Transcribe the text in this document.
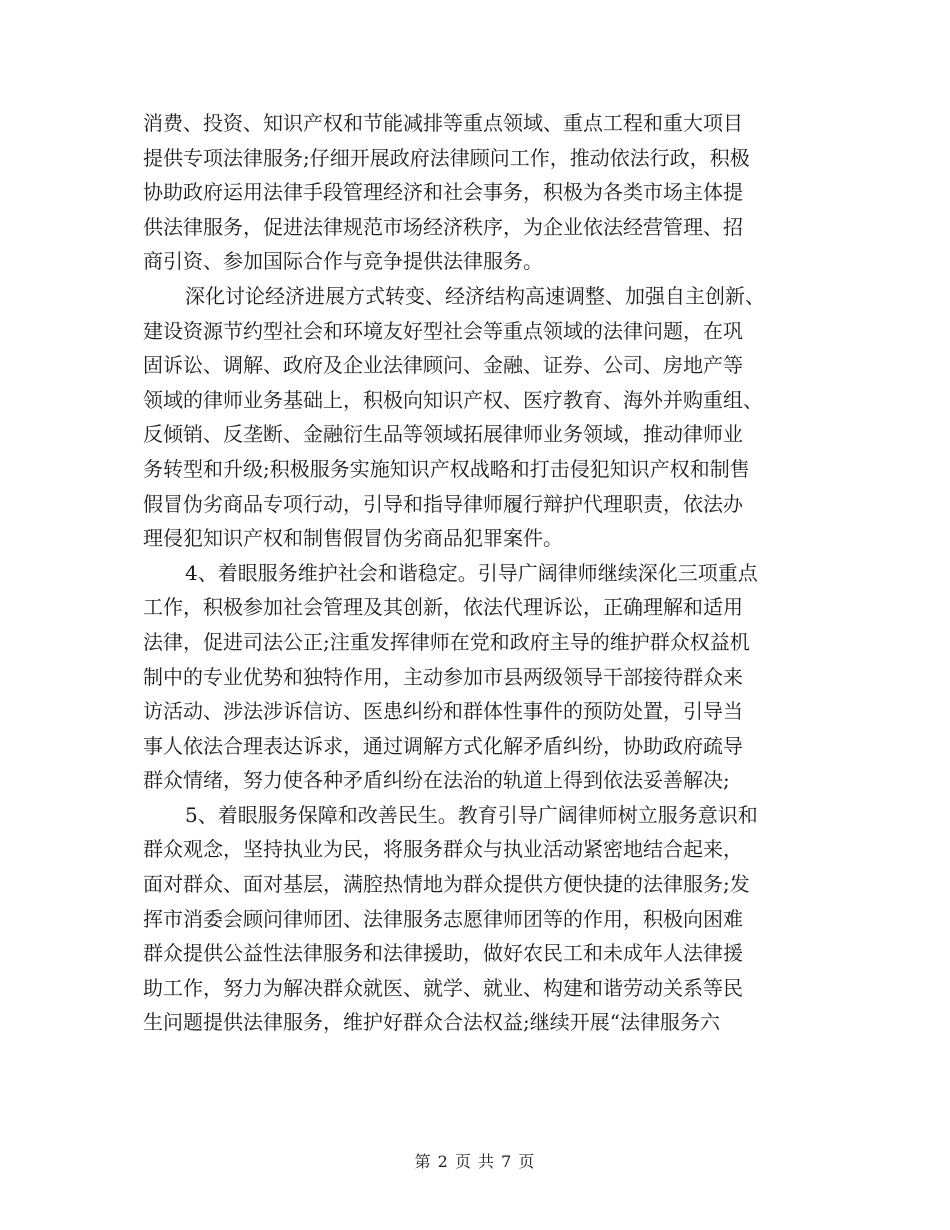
消费、投资、知识产权和节能减排等重点领域、重点工程和重大项目
提供专项法律服务;仔细开展政府法律顾问工作，推动依法行政，积极
协助政府运用法律手段管理经济和社会事务，积极为各类市场主体提
供法律服务，促进法律规范市场经济秩序，为企业依法经营管理、招
商引资、参加国际合作与竞争提供法律服务。
深化讨论经济进展方式转变、经济结构高速调整、加强自主创新、
建设资源节约型社会和环境友好型社会等重点领域的法律问题，在巩
固诉讼、调解、政府及企业法律顾问、金融、证券、公司、房地产等
领域的律师业务基础上，积极向知识产权、医疗教育、海外并购重组、
反倾销、反垄断、金融衍生品等领域拓展律师业务领域，推动律师业
务转型和升级;积极服务实施知识产权战略和打击侵犯知识产权和制售
假冒伪劣商品专项行动，引导和指导律师履行辩护代理职责，依法办
理侵犯知识产权和制售假冒伪劣商品犯罪案件。
4、着眼服务维护社会和谐稳定。引导广阔律师继续深化三项重点
工作，积极参加社会管理及其创新，依法代理诉讼，正确理解和适用
法律，促进司法公正;注重发挥律师在党和政府主导的维护群众权益机
制中的专业优势和独特作用，主动参加市县两级领导干部接待群众来
访活动、涉法涉诉信访、医患纠纷和群体性事件的预防处置，引导当
事人依法合理表达诉求，通过调解方式化解矛盾纠纷，协助政府疏导
群众情绪，努力使各种矛盾纠纷在法治的轨道上得到依法妥善解决;
5、着眼服务保障和改善民生。教育引导广阔律师树立服务意识和
群众观念，坚持执业为民，将服务群众与执业活动紧密地结合起来，
面对群众、面对基层，满腔热情地为群众提供方便快捷的法律服务;发
挥市消委会顾问律师团、法律服务志愿律师团等的作用，积极向困难
群众提供公益性法律服务和法律援助，做好农民工和未成年人法律援
助工作，努力为解决群众就医、就学、就业、构建和谐劳动关系等民
生问题提供法律服务，维护好群众合法权益;继续开展“法律服务六
第 2 页 共 7 页
